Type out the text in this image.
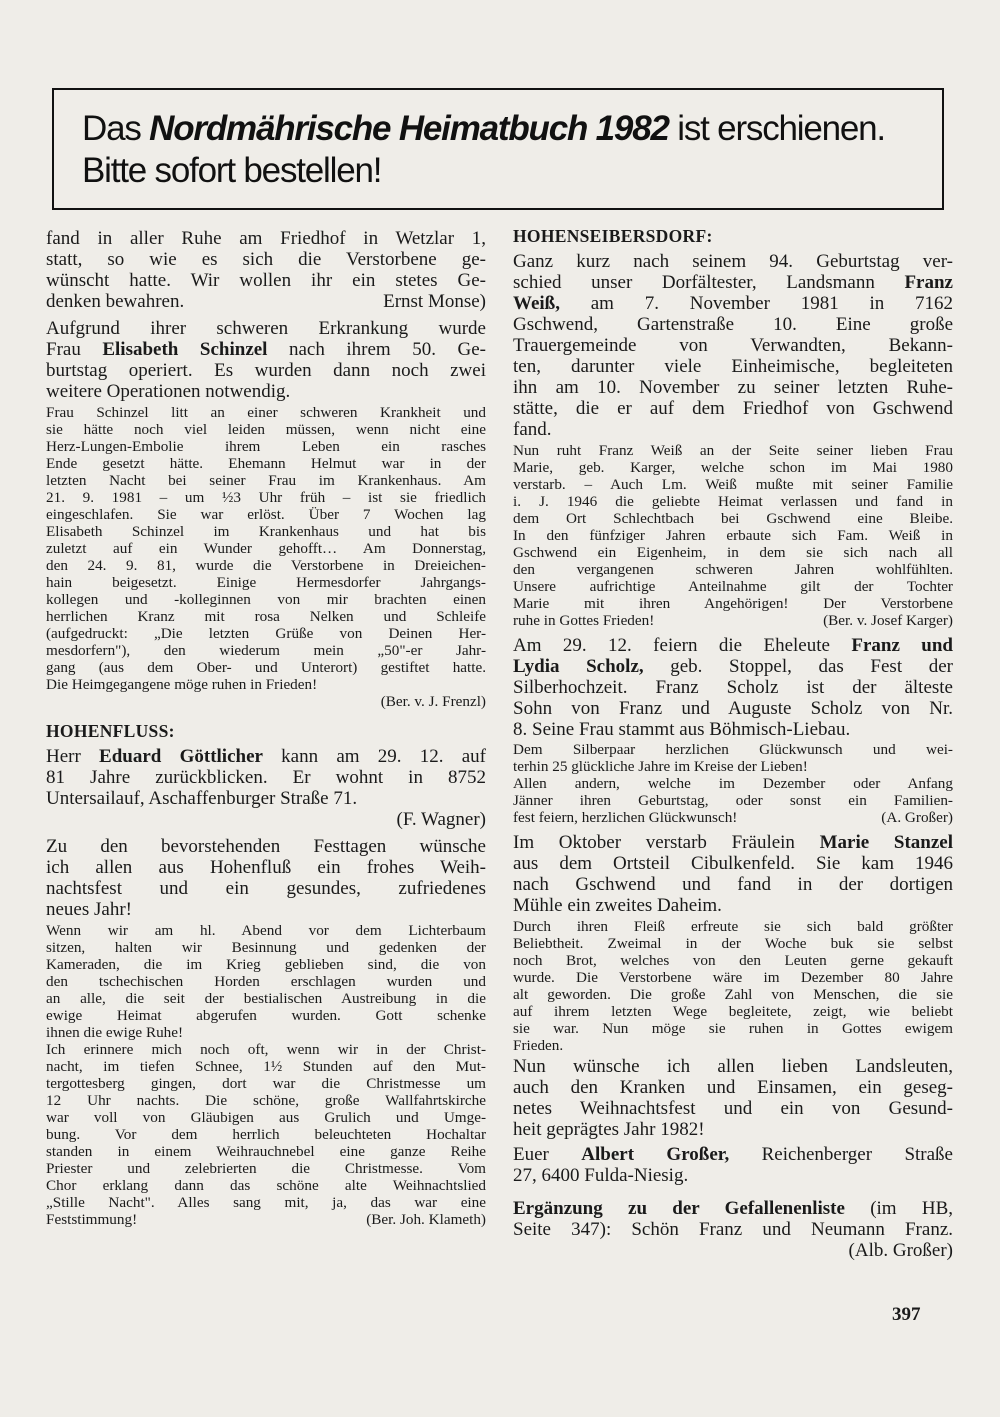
Das Nordmährische Heimatbuch 1982 ist erschienen.
Bitte sofort bestellen!
fand in aller Ruhe am Friedhof in Wetzlar 1,
statt, so wie es sich die Verstorbene ge-
wünscht hatte. Wir wollen ihr ein stetes Ge-
denken bewahren.	Ernst Monse)
Aufgrund ihrer schweren Erkrankung wurde
Frau Elisabeth Schinzel nach ihrem 50. Ge-
burtstag operiert. Es wurden dann noch zwei
weitere Operationen notwendig.
Frau Schinzel litt an einer schweren Krankheit und
sie hätte noch viel leiden müssen, wenn nicht eine
Herz-Lungen-Embolie ihrem Leben ein rasches
Ende gesetzt hätte. Ehemann Helmut war in der
letzten Nacht bei seiner Frau im Krankenhaus. Am
21. 9. 1981 – um ½3 Uhr früh – ist sie friedlich
eingeschlafen. Sie war erlöst. Über 7 Wochen lag
Elisabeth Schinzel im Krankenhaus und hat bis
zuletzt auf ein Wunder gehofft… Am Donnerstag,
den 24. 9. 81, wurde die Verstorbene in Dreieichen-
hain beigesetzt. Einige Hermesdorfer Jahrgangs-
kollegen und -kolleginnen von mir brachten einen
herrlichen Kranz mit rosa Nelken und Schleife
(aufgedruckt: „Die letzten Grüße von Deinen Her-
mesdorfern"), den wiederum mein „50"-er Jahr-
gang (aus dem Ober- und Unterort) gestiftet hatte.
Die Heimgegangene möge ruhen in Frieden!
(Ber. v. J. Frenzl)
HOHENFLUSS:
Herr Eduard Göttlicher kann am 29. 12. auf
81 Jahre zurückblicken. Er wohnt in 8752
Untersailauf, Aschaffenburger Straße 71.
(F. Wagner)
Zu den bevorstehenden Festtagen wünsche
ich allen aus Hohenfluß ein frohes Weih-
nachtsfest und ein gesundes, zufriedenes
neues Jahr!
Wenn wir am hl. Abend vor dem Lichterbaum
sitzen, halten wir Besinnung und gedenken der
Kameraden, die im Krieg geblieben sind, die von
den tschechischen Horden erschlagen wurden und
an alle, die seit der bestialischen Austreibung in die
ewige Heimat abgerufen wurden. Gott schenke
ihnen die ewige Ruhe!
Ich erinnere mich noch oft, wenn wir in der Christ-
nacht, im tiefen Schnee, 1½ Stunden auf den Mut-
tergottesberg gingen, dort war die Christmesse um
12 Uhr nachts. Die schöne, große Wallfahrtskirche
war voll von Gläubigen aus Grulich und Umge-
bung. Vor dem herrlich beleuchteten Hochaltar
standen in einem Weihrauchnebel eine ganze Reihe
Priester und zelebrierten die Christmesse. Vom
Chor erklang dann das schöne alte Weihnachtslied
„Stille Nacht". Alles sang mit, ja, das war eine
Feststimmung!	(Ber. Joh. Klameth)
HOHENSEIBERSDORF:
Ganz kurz nach seinem 94. Geburtstag ver-
schied unser Dorfältester, Landsmann Franz
Weiß, am 7. November 1981 in 7162
Gschwend, Gartenstraße 10. Eine große
Trauergemeinde von Verwandten, Bekann-
ten, darunter viele Einheimische, begleiteten
ihn am 10. November zu seiner letzten Ruhe-
stätte, die er auf dem Friedhof von Gschwend
fand.
Nun ruht Franz Weiß an der Seite seiner lieben Frau
Marie, geb. Karger, welche schon im Mai 1980
verstarb. – Auch Lm. Weiß mußte mit seiner Familie
i. J. 1946 die geliebte Heimat verlassen und fand in
dem Ort Schlechtbach bei Gschwend eine Bleibe.
In den fünfziger Jahren erbaute sich Fam. Weiß in
Gschwend ein Eigenheim, in dem sie sich nach all
den vergangenen schweren Jahren wohlfühlten.
Unsere aufrichtige Anteilnahme gilt der Tochter
Marie mit ihren Angehörigen! Der Verstorbene
ruhe in Gottes Frieden!	(Ber. v. Josef Karger)
Am 29. 12. feiern die Eheleute Franz und
Lydia Scholz, geb. Stoppel, das Fest der
Silberhochzeit. Franz Scholz ist der älteste
Sohn von Franz und Auguste Scholz von Nr.
8. Seine Frau stammt aus Böhmisch-Liebau.
Dem Silberpaar herzlichen Glückwunsch und wei-
terhin 25 glückliche Jahre im Kreise der Lieben!
Allen andern, welche im Dezember oder Anfang
Jänner ihren Geburtstag, oder sonst ein Familien-
fest feiern, herzlichen Glückwunsch!	(A. Großer)
Im Oktober verstarb Fräulein Marie Stanzel
aus dem Ortsteil Cibulkenfeld. Sie kam 1946
nach Gschwend und fand in der dortigen
Mühle ein zweites Daheim.
Durch ihren Fleiß erfreute sie sich bald größter
Beliebtheit. Zweimal in der Woche buk sie selbst
noch Brot, welches von den Leuten gerne gekauft
wurde. Die Verstorbene wäre im Dezember 80 Jahre
alt geworden. Die große Zahl von Menschen, die sie
auf ihrem letzten Wege begleitete, zeigt, wie beliebt
sie war. Nun möge sie ruhen in Gottes ewigem
Frieden.
Nun wünsche ich allen lieben Landsleuten,
auch den Kranken und Einsamen, ein geseg-
netes Weihnachtsfest und ein von Gesund-
heit geprägtes Jahr 1982!
Euer Albert Großer, Reichenberger Straße
27, 6400 Fulda-Niesig.
Ergänzung zu der Gefallenenliste (im HB,
Seite 347): Schön Franz und Neumann Franz.
(Alb. Großer)
397
